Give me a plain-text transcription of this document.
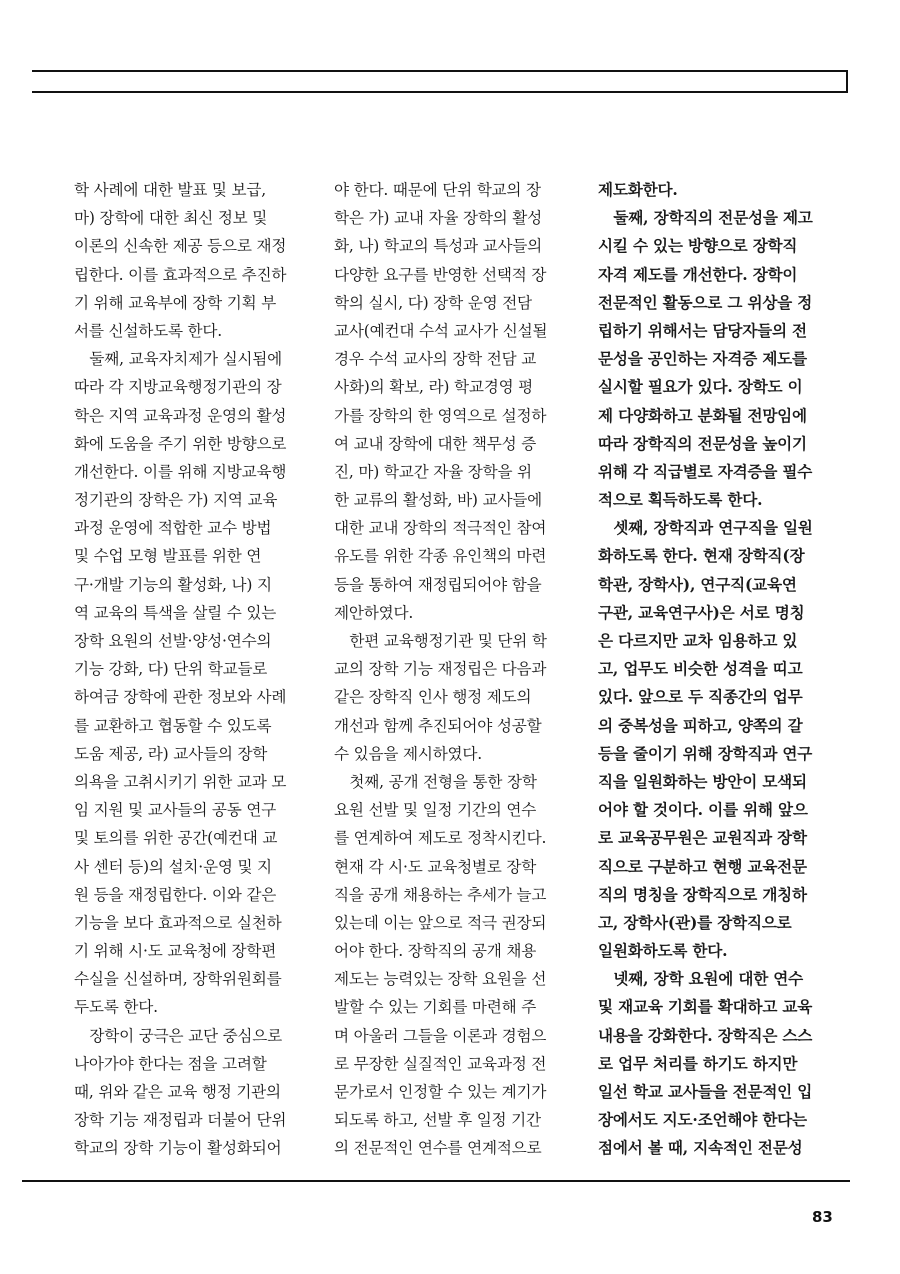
학 사례에 대한 발표 및 보급,
마) 장학에 대한 최신 정보 및
이론의 신속한 제공 등으로 재정
립한다. 이를 효과적으로 추진하
기 위해 교육부에 장학 기획 부
서를 신설하도록 한다.
　둘째, 교육자치제가 실시됨에
따라 각 지방교육행정기관의 장
학은 지역 교육과정 운영의 활성
화에 도움을 주기 위한 방향으로
개선한다. 이를 위해 지방교육행
정기관의 장학은 가) 지역 교육
과정 운영에 적합한 교수 방법
및 수업 모형 발표를 위한 연
구·개발 기능의 활성화, 나) 지
역 교육의 특색을 살릴 수 있는
장학 요원의 선발·양성·연수의
기능 강화, 다) 단위 학교들로
하여금 장학에 관한 정보와 사례
를 교환하고 협동할 수 있도록
도움 제공, 라) 교사들의 장학
의욕을 고취시키기 위한 교과 모
임 지원 및 교사들의 공동 연구
및 토의를 위한 공간(예컨대 교
사 센터 등)의 설치·운영 및 지
원 등을 재정립한다. 이와 같은
기능을 보다 효과적으로 실천하
기 위해 시·도 교육청에 장학편
수실을 신설하며, 장학위원회를
두도록 한다.
　장학이 궁극은 교단 중심으로
나아가야 한다는 점을 고려할
때, 위와 같은 교육 행정 기관의
장학 기능 재정립과 더불어 단위
학교의 장학 기능이 활성화되어
야 한다. 때문에 단위 학교의 장
학은 가) 교내 자율 장학의 활성
화, 나) 학교의 특성과 교사들의
다양한 요구를 반영한 선택적 장
학의 실시, 다) 장학 운영 전담
교사(예컨대 수석 교사가 신설될
경우 수석 교사의 장학 전담 교
사화)의 확보, 라) 학교경영 평
가를 장학의 한 영역으로 설정하
여 교내 장학에 대한 책무성 증
진, 마) 학교간 자율 장학을 위
한 교류의 활성화, 바) 교사들에
대한 교내 장학의 적극적인 참여
유도를 위한 각종 유인책의 마련
등을 통하여 재정립되어야 함을
제안하였다.
　한편 교육행정기관 및 단위 학
교의 장학 기능 재정립은 다음과
같은 장학직 인사 행정 제도의
개선과 함께 추진되어야 성공할
수 있음을 제시하였다.
　첫째, 공개 전형을 통한 장학
요원 선발 및 일정 기간의 연수
를 연계하여 제도로 정착시킨다.
현재 각 시·도 교육청별로 장학
직을 공개 채용하는 추세가 늘고
있는데 이는 앞으로 적극 권장되
어야 한다. 장학직의 공개 채용
제도는 능력있는 장학 요원을 선
발할 수 있는 기회를 마련해 주
며 아울러 그들을 이론과 경험으
로 무장한 실질적인 교육과정 전
문가로서 인정할 수 있는 계기가
되도록 하고, 선발 후 일정 기간
의 전문적인 연수를 연계적으로
제도화한다.
　둘째, 장학직의 전문성을 제고
시킬 수 있는 방향으로 장학직
자격 제도를 개선한다. 장학이
전문적인 활동으로 그 위상을 정
립하기 위해서는 담당자들의 전
문성을 공인하는 자격증 제도를
실시할 필요가 있다. 장학도 이
제 다양화하고 분화될 전망임에
따라 장학직의 전문성을 높이기
위해 각 직급별로 자격증을 필수
적으로 획득하도록 한다.
　셋째, 장학직과 연구직을 일원
화하도록 한다. 현재 장학직(장
학관, 장학사), 연구직(교육연
구관, 교육연구사)은 서로 명칭
은 다르지만 교차 임용하고 있
고, 업무도 비슷한 성격을 띠고
있다. 앞으로 두 직종간의 업무
의 중복성을 피하고, 양쪽의 갈
등을 줄이기 위해 장학직과 연구
직을 일원화하는 방안이 모색되
어야 할 것이다. 이를 위해 앞으
로 교육공무원은 교원직과 장학
직으로 구분하고 현행 교육전문
직의 명칭을 장학직으로 개칭하
고, 장학사(관)를 장학직으로
일원화하도록 한다.
　넷째, 장학 요원에 대한 연수
및 재교육 기회를 확대하고 교육
내용을 강화한다. 장학직은 스스
로 업무 처리를 하기도 하지만
일선 학교 교사들을 전문적인 입
장에서도 지도·조언해야 한다는
점에서 볼 때, 지속적인 전문성
83
